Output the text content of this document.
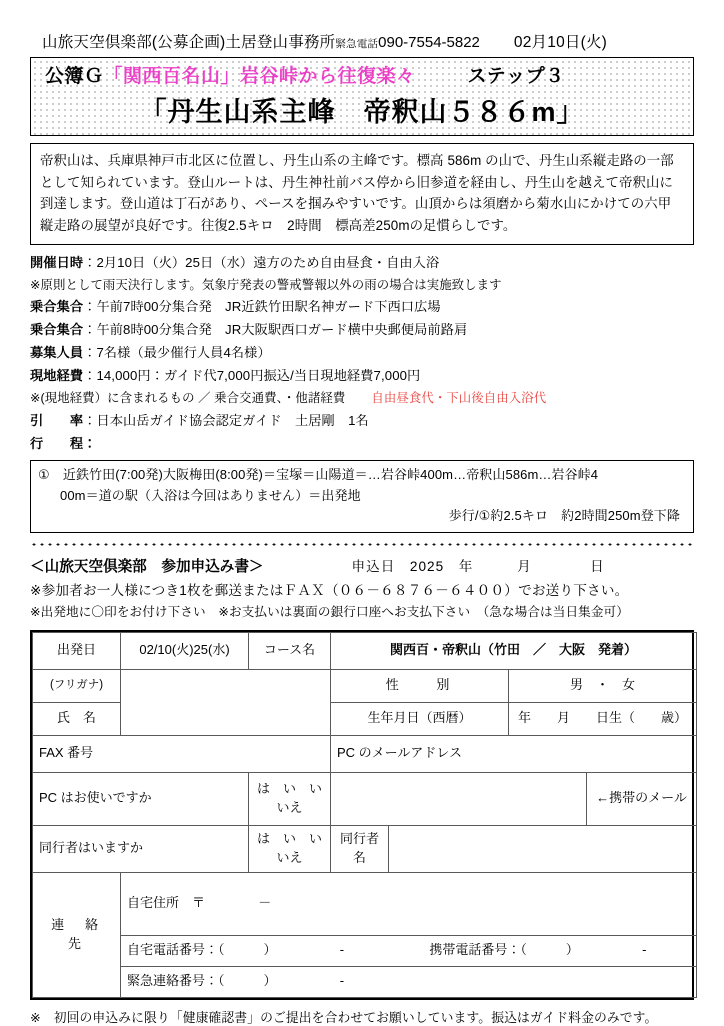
山旅天空倶楽部(公募企画)土居登山事務所 緊急電話 090-7554-5822 02月10日(火)
公簿Ｇ 「関西百名山」 岩谷峠から往復楽々	ステップ３
「丹生山系主峰　帝釈山５８６m」

帝釈山は、兵庫県神戸市北区に位置し、丹生山系の主峰です。標高 586m の山で、丹生山系縦走路の一部として知られています。登山ルートは、丹生神社前バス停から旧参道を経由し、丹生山を越えて帝釈山に到達します。登山道は丁石があり、ペースを掴みやすいです。山頂からは須磨から菊水山にかけての六甲縦走路の展望が良好です。往復2.5キロ　2時間　標高差250mの足慣らしです。

開催日時：2月10日（火）25日（水）遠方のため自由昼食・自由入浴
※原則として雨天決行します。気象庁発表の警戒警報以外の雨の場合は実施致します
乗合集合：午前7時00分集合発　JR近鉄竹田駅名神ガード下西口広場
乗合集合：午前8時00分集合発　JR大阪駅西口ガード横中央郵便局前路肩
募集人員：7名様（最少催行人員4名様）
現地経費：14,000円：ガイド代7,000円振込/当日現地経費7,000円
※(現地経費）に含まれるもの ／ 乗合交通費、・他諸経費 自由昼食代・下山後自由入浴代
引　　率：日本山岳ガイド協会認定ガイド　土居剛　1名
行　　程：
①　近鉄竹田(7:00発)大阪梅田(8:00発)＝宝塚＝山陽道＝…岩谷峠400m…帝釈山586m…岩谷峠4
00m＝道の駅（入浴は今回はありません）＝出発地
歩行/①約2.5キロ　約2時間250m登下降
＜山旅天空倶楽部　参加申込み書＞	申込日　2025　年　　　月　　　　日
※参加者お一人様につき1枚を郵送またはＦＡＸ（０６－６８７６－６４００）でお送り下さい。
※出発地に〇印をお付け下さい　※お支払いは裏面の銀行口座へお支払下さい　（急な場合は当日集金可）
出発日	02/10(火)25(水)	コース名	関西百・帝釈山（竹田　／　大阪　発着）			
(フリガナ)			性　　別		男　・　女	
氏　名			生年月日（西暦）		年　　月　　日生（　　歳）	
FAX 番号			PC のメールアドレス			
PC はお使いですか		は　い　いいえ				←携帯のメール
同行者はいますか		は　い　いいえ	同行者名			
連　絡　先	自宅住所　〒 －					
	自宅電話番号：（　　　） - 携帯電話番号：（　　　） -					
	緊急連絡番号：（　　　） -					
※　初回の申込みに限り「健康確認書」のご提出を合わせてお願いしています。振込はガイド料金のみです。
